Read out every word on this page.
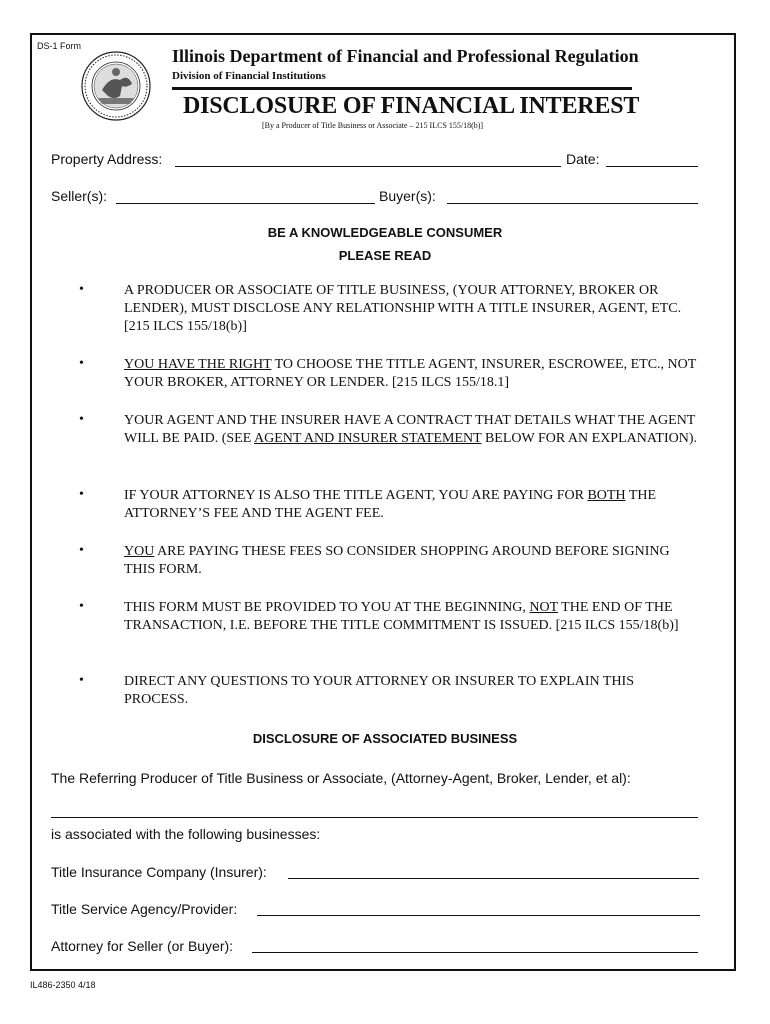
DS-1 Form	Illinois Department of Financial and Professional Regulation
Division of Financial Institutions
DISCLOSURE OF FINANCIAL INTEREST
[By a Producer of Title Business or Associate – 215 ILCS 155/18(b)]
Property Address:	Date:
Seller(s):	Buyer(s):
BE A KNOWLEDGEABLE CONSUMER
PLEASE READ
•	A PRODUCER OR ASSOCIATE OF TITLE BUSINESS, (YOUR ATTORNEY, BROKER OR LENDER), MUST DISCLOSE ANY RELATIONSHIP WITH A TITLE INSURER, AGENT, ETC. [215 ILCS 155/18(b)]
•	YOU HAVE THE RIGHT TO CHOOSE THE TITLE AGENT, INSURER, ESCROWEE, ETC., NOT YOUR BROKER, ATTORNEY OR LENDER. [215 ILCS 155/18.1]
•	YOUR AGENT AND THE INSURER HAVE A CONTRACT THAT DETAILS WHAT THE AGENT WILL BE PAID. (SEE AGENT AND INSURER STATEMENT BELOW FOR AN EXPLANATION).
•	IF YOUR ATTORNEY IS ALSO THE TITLE AGENT, YOU ARE PAYING FOR BOTH THE ATTORNEY’S FEE AND THE AGENT FEE.
•	YOU ARE PAYING THESE FEES SO CONSIDER SHOPPING AROUND BEFORE SIGNING THIS FORM.
•	THIS FORM MUST BE PROVIDED TO YOU AT THE BEGINNING, NOT THE END OF THE TRANSACTION, I.E. BEFORE THE TITLE COMMITMENT IS ISSUED. [215 ILCS 155/18(b)]
•	DIRECT ANY QUESTIONS TO YOUR ATTORNEY OR INSURER TO EXPLAIN THIS PROCESS.
DISCLOSURE OF ASSOCIATED BUSINESS
The Referring Producer of Title Business or Associate, (Attorney-Agent, Broker, Lender, et al):
is associated with the following businesses:
Title Insurance Company (Insurer):
Title Service Agency/Provider:
Attorney for Seller (or Buyer):
IL486-2350 4/18
